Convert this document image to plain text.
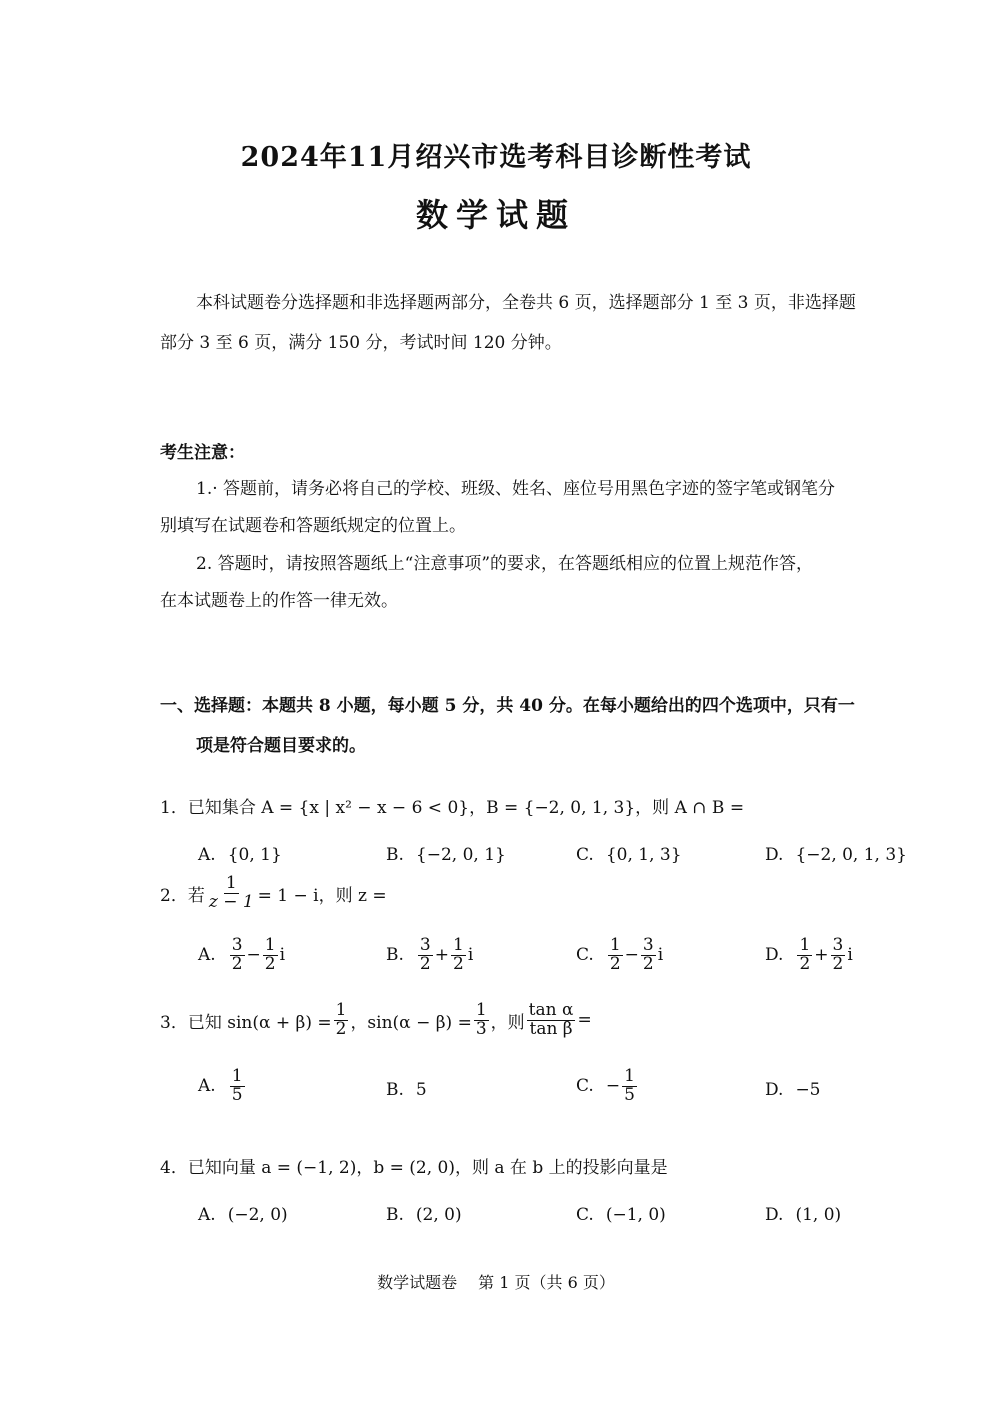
2024年11月绍兴市选考科目诊断性考试
数学试题
本科试题卷分选择题和非选择题两部分，全卷共 6 页，选择题部分 1 至 3 页，非选择题
部分 3 至 6 页，满分 150 分，考试时间 120 分钟。
考生注意：
1.· 答题前，请务必将自己的学校、班级、姓名、座位号用黑色字迹的签字笔或钢笔分
别填写在试题卷和答题纸规定的位置上。
2. 答题时，请按照答题纸上“注意事项”的要求，在答题纸相应的位置上规范作答，
在本试题卷上的作答一律无效。
一、选择题：本题共 8 小题，每小题 5 分，共 40 分。在每小题给出的四个选项中，只有一
项是符合题目要求的。
1．已知集合 A = {x | x² − x − 6 < 0}，B = {−2, 0, 1, 3}，则 A ∩ B =
A. {0, 1}	B. {−2, 0, 1}	C. {0, 1, 3}	D. {−2, 0, 1, 3}
2．若 $\frac{1}{z - 1} = 1 - i$，则 z =
A. $\frac{3}{2} - \frac{1}{2}$ i	B. $\frac{3}{2} + \frac{1}{2}$ i	C. $\frac{1}{2} - \frac{3}{2}$ i	D. $\frac{1}{2} + \frac{3}{2}$ i
3．已知 $\sin(\alpha + \beta) = \frac{1}{2}$ ，$\sin(\alpha - \beta) = \frac{1}{3}$ ，则 $\frac{\text{tan α}}{\text{tan β}}$ =
A. $\frac{1}{5}$	B. 5	C. − $\frac{1}{5}$	D. −5
4．已知向量 a = (−1, 2)，b = (2, 0)，则 a 在 b 上的投影向量是
A. (−2, 0)	B. (2, 0)	C. (−1, 0)	D. (1, 0)
数学试题卷　 第 1 页（共 6 页）
